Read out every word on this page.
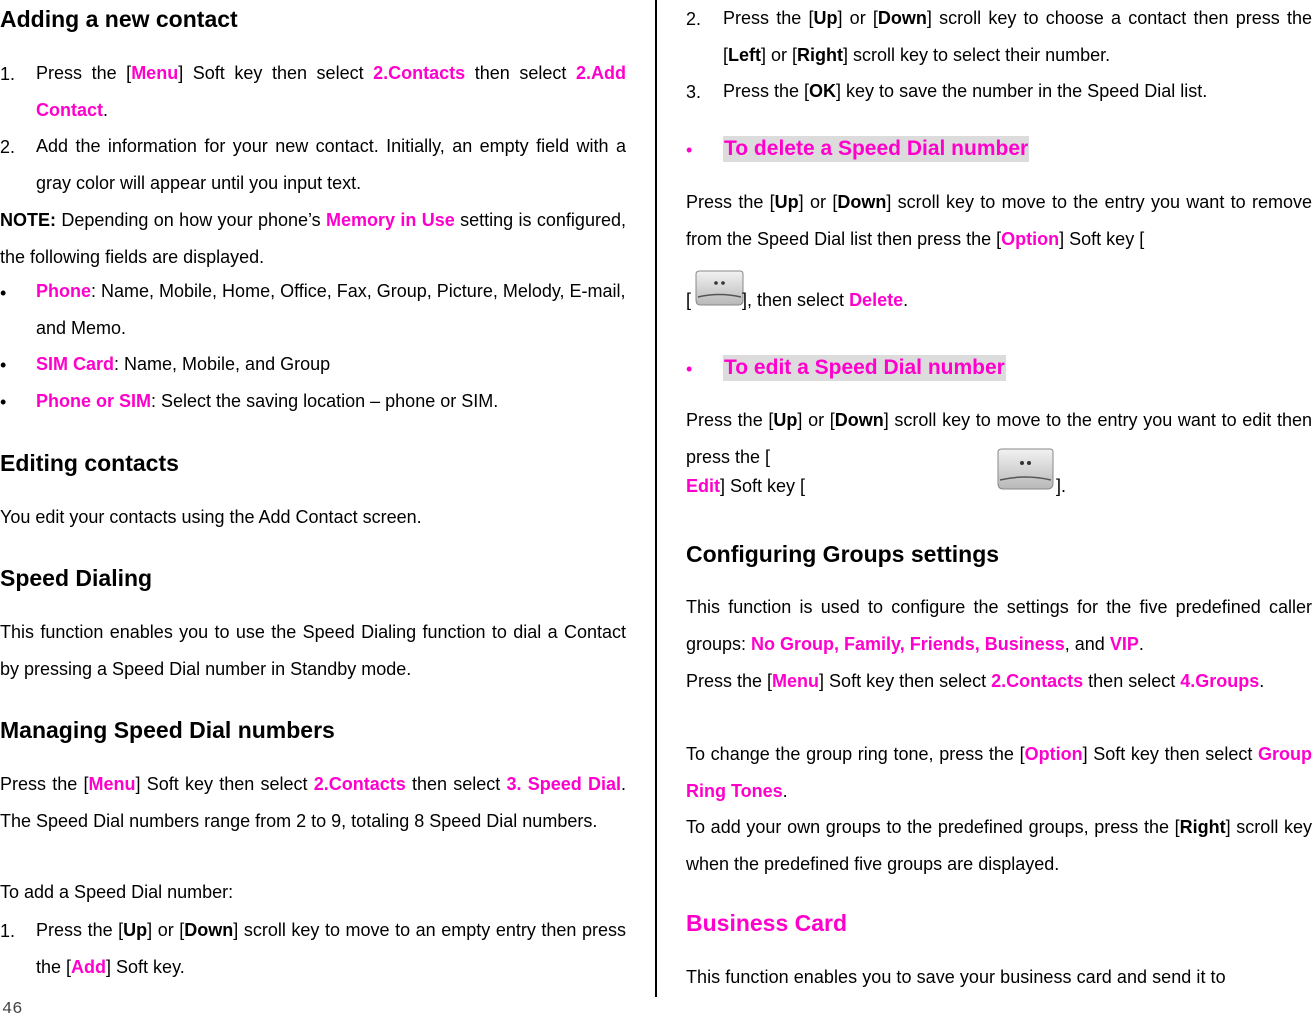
Adding a new contact
1. Press the [Menu] Soft key then select 2.Contacts then select 2.Add Contact.
2. Add the information for your new contact. Initially, an empty field with a gray color will appear until you input text.
NOTE: Depending on how your phone’s Memory in Use setting is configured, the following fields are displayed.
• Phone: Name, Mobile, Home, Office, Fax, Group, Picture, Melody, E-mail, and Memo.
• SIM Card: Name, Mobile, and Group
• Phone or SIM: Select the saving location – phone or SIM.
Editing contacts
You edit your contacts using the Add Contact screen.
Speed Dialing
This function enables you to use the Speed Dialing function to dial a Contact by pressing a Speed Dial number in Standby mode.
Managing Speed Dial numbers
Press the [Menu] Soft key then select 2.Contacts then select 3. Speed Dial. The Speed Dial numbers range from 2 to 9, totaling 8 Speed Dial numbers.
To add a Speed Dial number:
1. Press the [Up] or [Down] scroll key to move to an empty entry then press the [Add] Soft key.
46
2. Press the [Up] or [Down] scroll key to choose a contact then press the [Left] or [Right] scroll key to select their number.
3. Press the [OK] key to save the number in the Speed Dial list.
• To delete a Speed Dial number
Press the [Up] or [Down] scroll key to move to the entry you want to remove from the Speed Dial list then press the [Option] Soft key [
[	], then select Delete.
• To edit a Speed Dial number
Press the [Up] or [Down] scroll key to move to the entry you want to edit then press the [
Edit] Soft key [	].
Configuring Groups settings
This function is used to configure the settings for the five predefined caller groups: No Group, Family, Friends, Business, and VIP.
Press the [Menu] Soft key then select 2.Contacts then select 4.Groups.
To change the group ring tone, press the [Option] Soft key then select Group Ring Tones.
To add your own groups to the predefined groups, press the [Right] scroll key when the predefined five groups are displayed.
Business Card
This function enables you to save your business card and send it to
